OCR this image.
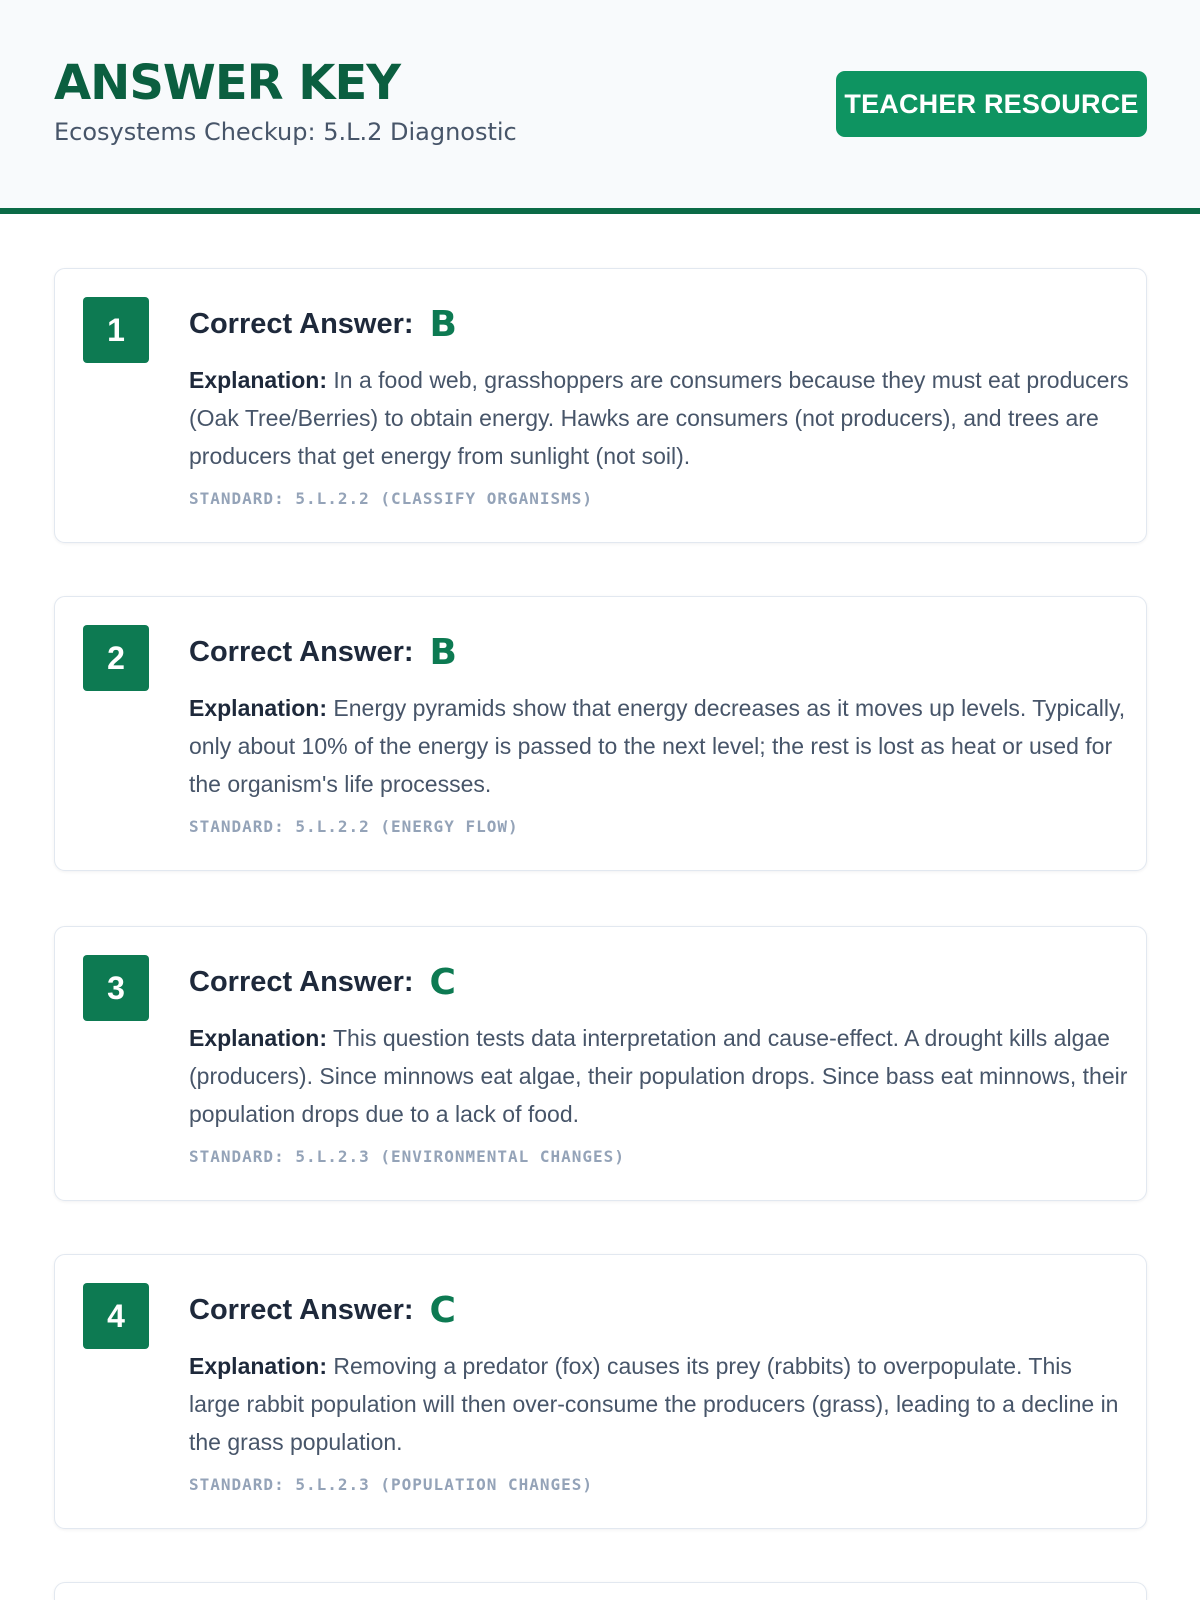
ANSWER KEY
Ecosystems Checkup: 5.L.2 Diagnostic
TEACHER RESOURCE
1	Correct Answer: B
Explanation: In a food web, grasshoppers are consumers because they must eat producers (Oak Tree/Berries) to obtain energy. Hawks are consumers (not producers), and trees are producers that get energy from sunlight (not soil).
STANDARD: 5.L.2.2 (CLASSIFY ORGANISMS)
2	Correct Answer: B
Explanation: Energy pyramids show that energy decreases as it moves up levels. Typically, only about 10% of the energy is passed to the next level; the rest is lost as heat or used for the organism's life processes.
STANDARD: 5.L.2.2 (ENERGY FLOW)
3	Correct Answer: C
Explanation: This question tests data interpretation and cause-effect. A drought kills algae (producers). Since minnows eat algae, their population drops. Since bass eat minnows, their population drops due to a lack of food.
STANDARD: 5.L.2.3 (ENVIRONMENTAL CHANGES)
4	Correct Answer: C
Explanation: Removing a predator (fox) causes its prey (rabbits) to overpopulate. This large rabbit population will then over-consume the producers (grass), leading to a decline in the grass population.
STANDARD: 5.L.2.3 (POPULATION CHANGES)
